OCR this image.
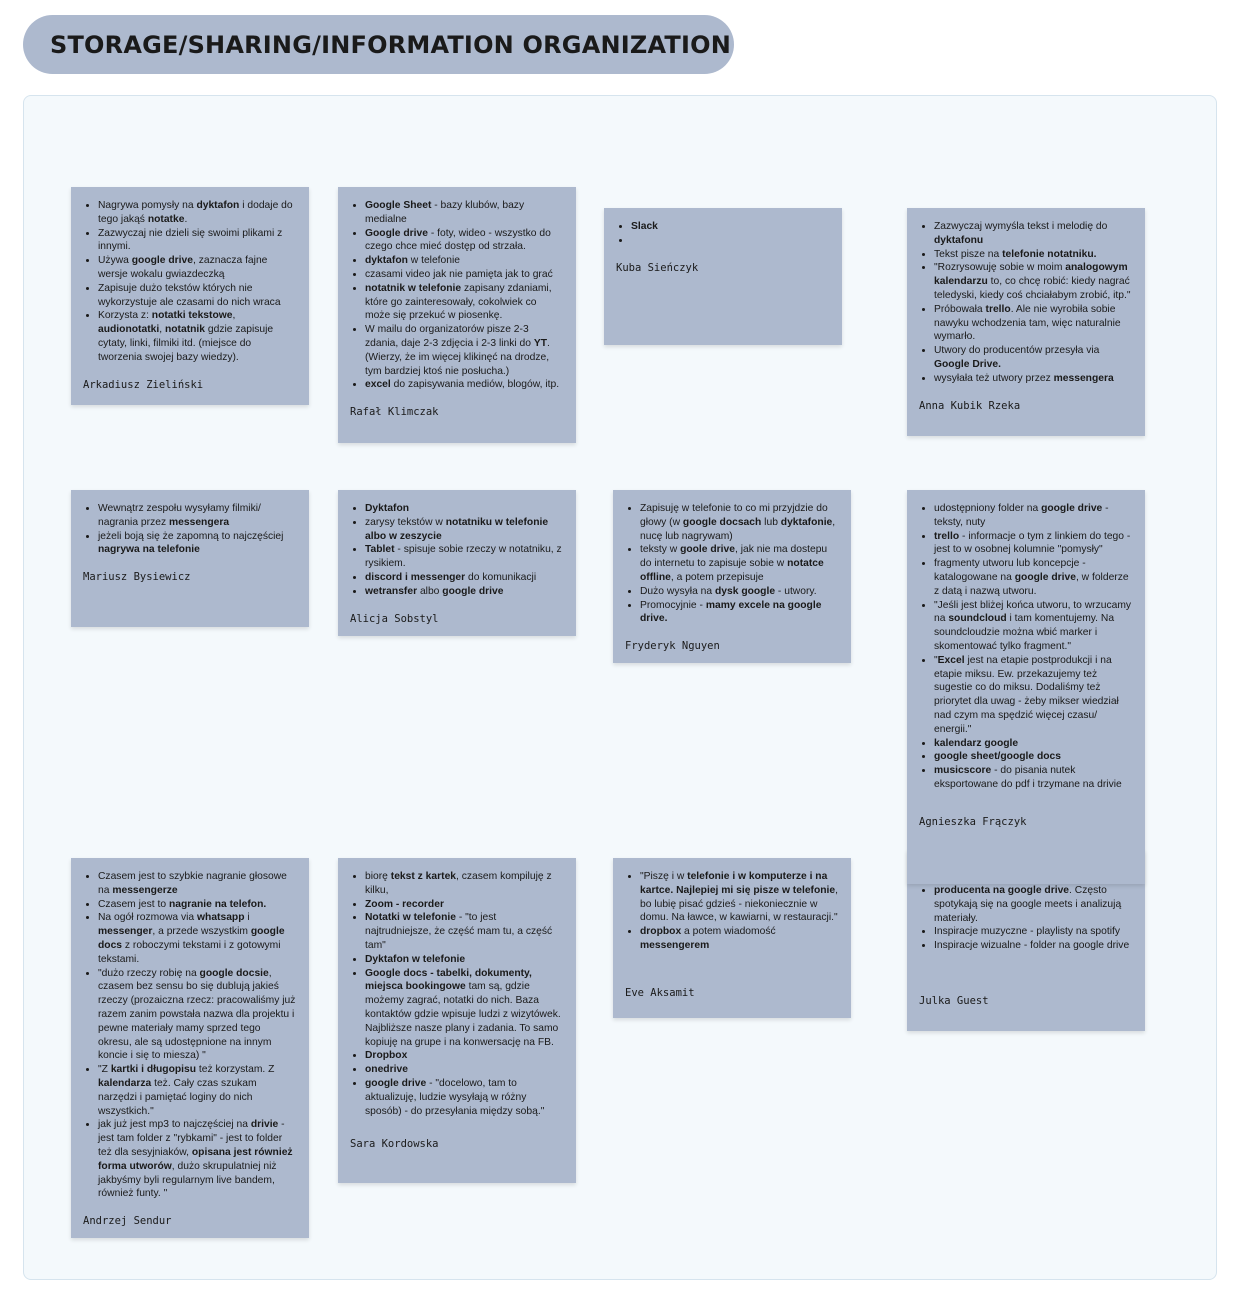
STORAGE/SHARING/INFORMATION ORGANIZATION
• Nagrywa pomysły na dyktafon i dodaje do tego jakąś notatke.
• Zazwyczaj nie dzieli się swoimi plikami z innymi.
• Używa google drive, zaznacza fajne wersje wokalu gwiazdeczką
• Zapisuje dużo tekstów których nie wykorzystuje ale czasami do nich wraca
• Korzysta z: notatki tekstowe, audionotatki, notatnik gdzie zapisuje cytaty, linki, filmiki itd. (miejsce do tworzenia swojej bazy wiedzy).
Arkadiusz Zieliński
• Google Sheet - bazy klubów, bazy medialne
• Google drive - foty, wideo - wszystko do czego chce mieć dostęp od strzała.
• dyktafon w telefonie
• czasami video jak nie pamięta jak to grać
• notatnik w telefonie zapisany zdaniami, które go zainteresowały, cokolwiek co może się przekuć w piosenkę.
• W mailu do organizatorów pisze 2-3 zdania, daje 2-3 zdjęcia i 2-3 linki do YT. (Wierzy, że im więcej klikinęć na drodze, tym bardziej ktoś nie posłucha.)
• excel do zapisywania mediów, blogów, itp.
Rafał Klimczak
• Slack
•
Kuba Sieńczyk
• Zazwyczaj wymyśla tekst i melodię do dyktafonu
• Tekst pisze na telefonie notatniku.
• "Rozrysowuję sobie w moim analogowym kalendarzu to, co chcę robić: kiedy nagrać teledyski, kiedy coś chciałabym zrobić, itp."
• Próbowała trello. Ale nie wyrobiła sobie nawyku wchodzenia tam, więc naturalnie wymarło.
• Utwory do producentów przesyła via Google Drive.
• wysyłała też utwory przez messengera
Anna Kubik Rzeka
• Wewnątrz zespołu wysyłamy filmiki/ nagrania przez messengera
• jeżeli boją się że zapomną to najczęściej nagrywa na telefonie
Mariusz Bysiewicz
• Dyktafon
• zarysy tekstów w notatniku w telefonie albo w zeszycie
• Tablet - spisuje sobie rzeczy w notatniku, z rysikiem.
• discord i messenger do komunikacji
• wetransfer albo google drive
Alicja Sobstyl
• Zapisuję w telefonie to co mi przyjdzie do głowy (w google docsach lub dyktafonie, nucę lub nagrywam)
• teksty w goole drive, jak nie ma dostepu do internetu to zapisuje sobie w notatce offline, a potem przepisuje
• Dużo wysyła na dysk google - utwory.
• Promocyjnie - mamy excele na google drive.
Fryderyk Nguyen
• producenta na google drive. Często spotykają się na google meets i analizują materiały.
• Inspiracje muzyczne - playlisty na spotify
• Inspiracje wizualne - folder na google drive
Julka Guest
• udostępniony folder na google drive - teksty, nuty
• trello - informacje o tym z linkiem do tego - jest to w osobnej kolumnie "pomysły"
• fragmenty utworu lub koncepcje - katalogowane na google drive, w folderze z datą i nazwą utworu.
• "Jeśli jest bliżej końca utworu, to wrzucamy na soundcloud i tam komentujemy. Na soundcloudzie można wbić marker i skomentować tylko fragment."
• "Excel jest na etapie postprodukcji i na etapie miksu. Ew. przekazujemy też sugestie co do miksu. Dodaliśmy też priorytet dla uwag - żeby mikser wiedział nad czym ma spędzić więcej czasu/ energii."
• kalendarz google
• google sheet/google docs
• musicscore - do pisania nutek eksportowane do pdf i trzymane na drivie
Agnieszka Frączyk
• Czasem jest to szybkie nagranie głosowe na messengerze
• Czasem jest to nagranie na telefon.
• Na ogół rozmowa via whatsapp i messenger, a przede wszystkim google docs z roboczymi tekstami i z gotowymi tekstami.
• "dużo rzeczy robię na google docsie, czasem bez sensu bo się dublują jakieś rzeczy (prozaiczna rzecz: pracowaliśmy już razem zanim powstała nazwa dla projektu i pewne materiały mamy sprzed tego okresu, ale są udostępnione na innym koncie i się to miesza) "
• "Z kartki i długopisu też korzystam. Z kalendarza też. Cały czas szukam narzędzi i pamiętać loginy do nich wszystkich."
• jak już jest mp3 to najczęściej na drivie - jest tam folder z "rybkami" - jest to folder też dla sesyjniaków, opisana jest również forma utworów, dużo skrupulatniej niż jakbyśmy byli regularnym live bandem, również funty. "
Andrzej Sendur
• biorę tekst z kartek, czasem kompiluję z kilku,
• Zoom - recorder
• Notatki w telefonie - "to jest najtrudniejsze, że część mam tu, a część tam"
• Dyktafon w telefonie
• Google docs - tabelki, dokumenty, miejsca bookingowe tam są, gdzie możemy zagrać, notatki do nich. Baza kontaktów gdzie wpisuje ludzi z wizytówek. Najbliższe nasze plany i zadania. To samo kopiuję na grupe i na konwersację na FB.
• Dropbox
• onedrive
• google drive - "docelowo, tam to aktualizuję, ludzie wysyłają w różny sposób) - do przesyłania między sobą."
Sara Kordowska
• "Piszę i w telefonie i w komputerze i na kartce. Najlepiej mi się pisze w telefonie, bo lubię pisać gdzieś - niekoniecznie w domu. Na ławce, w kawiarni, w restauracji."
• dropbox a potem wiadomość messengerem
Eve Aksamit
